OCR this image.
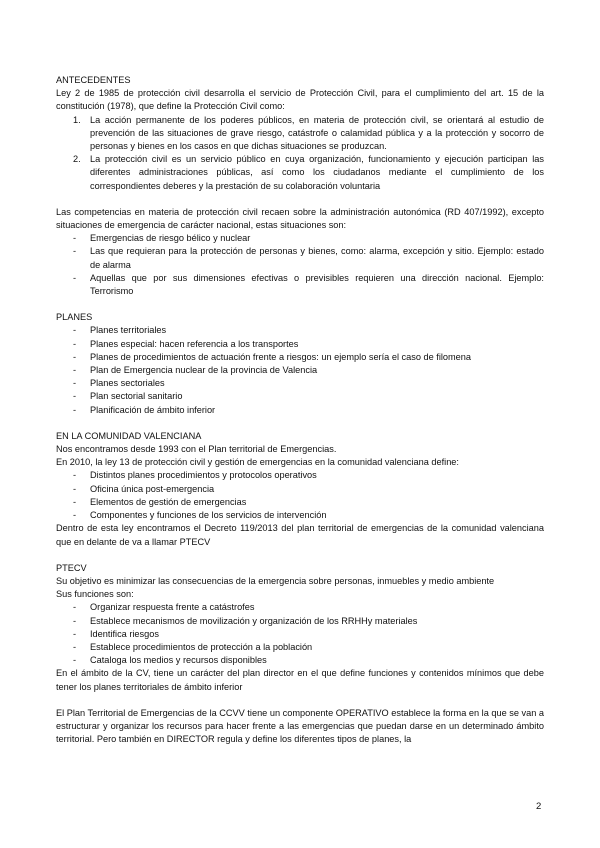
ANTECEDENTES

Ley 2 de 1985 de protección civil desarrolla el servicio de Protección Civil, para el cumplimiento del art. 15 de la constitución (1978), que define la Protección Civil como:

1. La acción permanente de los poderes públicos, en materia de protección civil, se orientará al estudio de prevención de las situaciones de grave riesgo, catástrofe o calamidad pública y a la protección y socorro de personas y bienes en los casos en que dichas situaciones se produzcan.
2. La protección civil es un servicio público en cuya organización, funcionamiento y ejecución participan las diferentes administraciones públicas, así como los ciudadanos mediante el cumplimiento de los correspondientes deberes y la prestación de su colaboración voluntaria

Las competencias en materia de protección civil recaen sobre la administración autonómica (RD 407/1992), excepto situaciones de emergencia de carácter nacional, estas situaciones son:

- Emergencias de riesgo bélico y nuclear
- Las que requieran para la protección de personas y bienes, como: alarma, excepción y sitio. Ejemplo: estado de alarma
- Aquellas que por sus dimensiones efectivas o previsibles requieren una dirección nacional. Ejemplo: Terrorismo

PLANES

- Planes territoriales
- Planes especial: hacen referencia a los transportes
- Planes de procedimientos de actuación frente a riesgos: un ejemplo sería el caso de filomena
- Plan de Emergencia nuclear de la provincia de Valencia
- Planes sectoriales
- Plan sectorial sanitario
- Planificación de ámbito inferior

EN LA COMUNIDAD VALENCIANA

Nos encontramos desde 1993 con el Plan territorial de Emergencias.

En 2010, la ley 13 de protección civil y gestión de emergencias en la comunidad valenciana define:

- Distintos planes procedimientos y protocolos operativos
- Oficina única post-emergencia
- Elementos de gestión de emergencias
- Componentes y funciones de los servicios de intervención

Dentro de esta ley encontramos el Decreto 119/2013 del plan territorial de emergencias de la comunidad valenciana que en delante de va a llamar PTECV

PTECV

Su objetivo es minimizar las consecuencias de la emergencia sobre personas, inmuebles y medio ambiente

Sus funciones son:

- Organizar respuesta frente a catástrofes
- Establece mecanismos de movilización y organización de los RRHHy materiales
- Identifica riesgos
- Establece procedimientos de protección a la población
- Cataloga los medios y recursos disponibles

En el ámbito de la CV, tiene un carácter del plan director en el que define funciones y contenidos mínimos que debe tener los planes territoriales de ámbito inferior

El Plan Territorial de Emergencias de la CCVV tiene un componente OPERATIVO establece la forma en la que se van a estructurar y organizar los recursos para hacer frente a las emergencias que puedan darse en un determinado ámbito territorial. Pero también en DIRECTOR regula y define los diferentes tipos de planes, la

2
